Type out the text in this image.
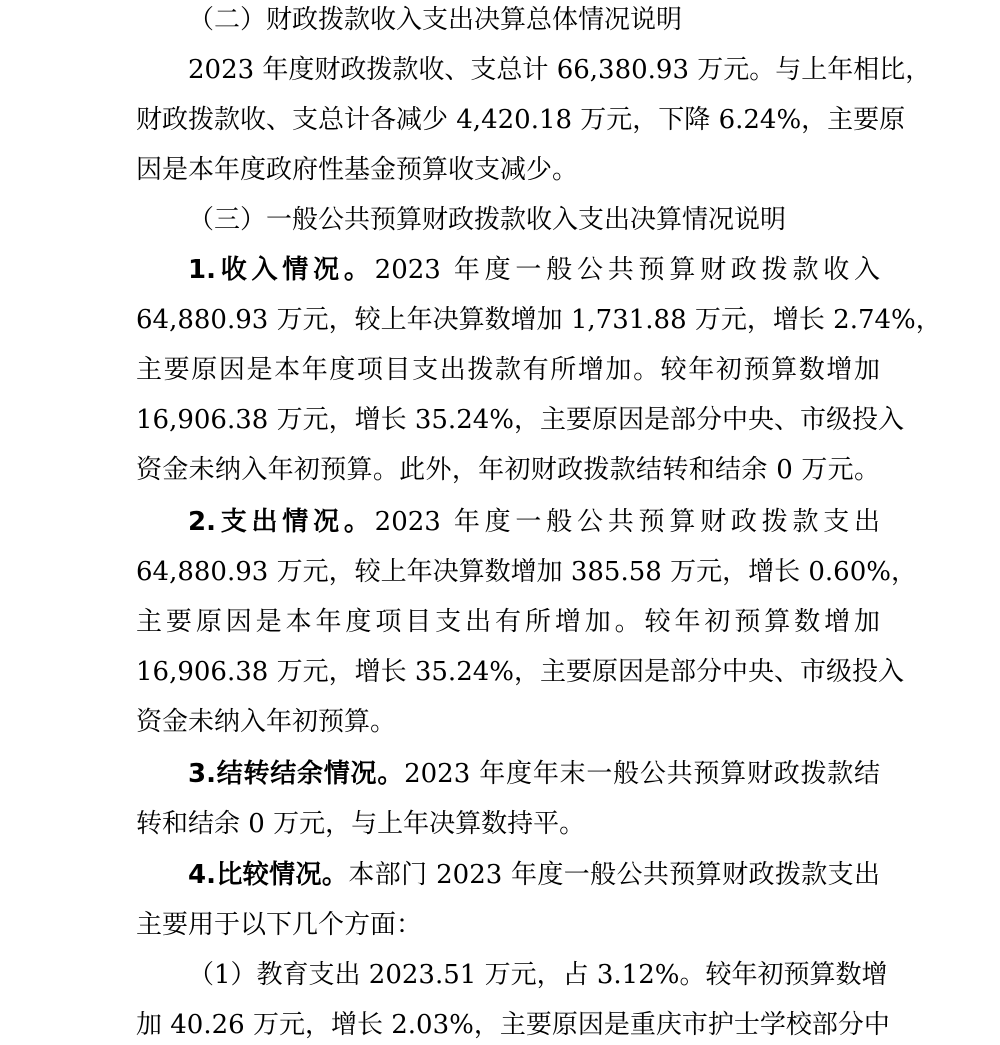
（二）财政拨款收入支出决算总体情况说明
2023 年度财政拨款收、支总计 66,380.93 万元。与上年相比，
财政拨款收、支总计各减少 4,420.18 万元，下降 6.24%，主要原
因是本年度政府性基金预算收支减少。
（三）一般公共预算财政拨款收入支出决算情况说明
1.收入情况。2023 年度一般公共预算财政拨款收入
64,880.93 万元，较上年决算数增加 1,731.88 万元，增长 2.74%，
主要原因是本年度项目支出拨款有所增加。较年初预算数增加
16,906.38 万元，增长 35.24%，主要原因是部分中央、市级投入
资金未纳入年初预算。此外，年初财政拨款结转和结余 0 万元。
2.支出情况。2023 年度一般公共预算财政拨款支出
64,880.93 万元，较上年决算数增加 385.58 万元，增长 0.60%，
主要原因是本年度项目支出有所增加。较年初预算数增加
16,906.38 万元，增长 35.24%，主要原因是部分中央、市级投入
资金未纳入年初预算。
3.结转结余情况。2023 年度年末一般公共预算财政拨款结
转和结余 0 万元，与上年决算数持平。
4.比较情况。本部门 2023 年度一般公共预算财政拨款支出
主要用于以下几个方面：
（1）教育支出 2023.51 万元，占 3.12%。较年初预算数增
加 40.26 万元，增长 2.03%，主要原因是重庆市护士学校部分中
